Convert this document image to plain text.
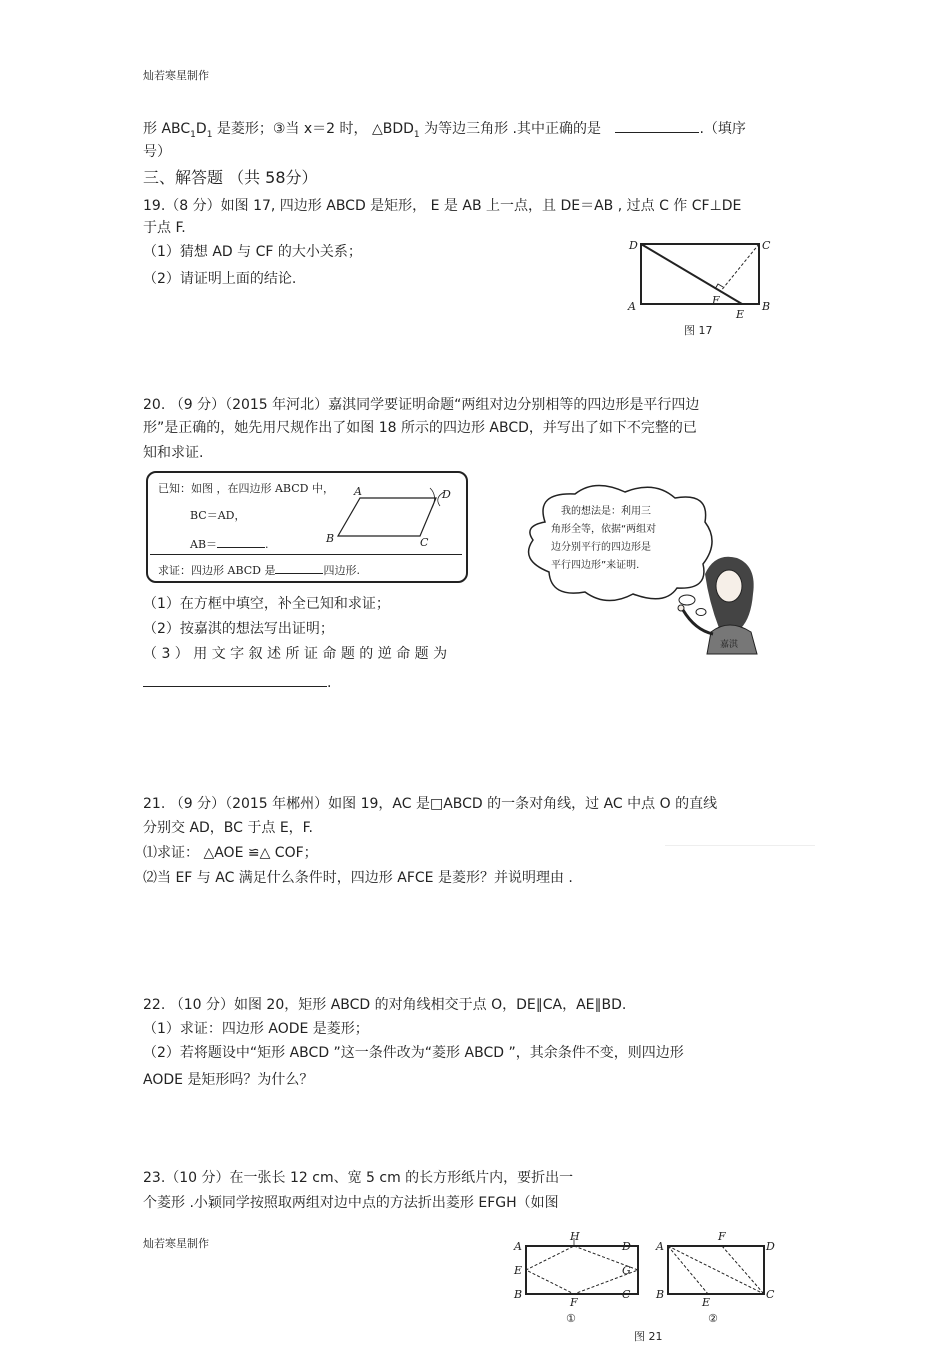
灿若寒星制作
形 $ABC_1D_1$ 是菱形；③当 x＝2 时， $\triangle BDD_1$ 为等边三角形 .其中正确的是	.（填序
号）
三、解答题 （共 58分）
19.（8 分）如图 17, 四边形 ABCD 是矩形， E 是 AB 上一点，且 DE＝AB , 过点 C 作 CF⊥DE
于点 F.
（1）猜想 AD 与 CF 的大小关系；
（2）请证明上面的结论.
D	C
A	B
F
E
图 17
20. （9 分）（2015 年河北）嘉淇同学要证明命题“两组对边分别相等的四边形是平行四边
形”是正确的，她先用尺规作出了如图 18 所示的四边形 ABCD，并写出了如下不完整的已
知和求证.
已知：如图 ，在四边形 ABCD 中，
BC＝AD，
AB＝	.
求证：四边形 ABCD 是	四边形.
A	D
B	C
我的想法是：利用三
角形全等，依据“两组对
边分别平行的四边形是
平行四边形”来证明.
嘉淇
（1）在方框中填空，补全已知和求证；
（2）按嘉淇的想法写出证明；
（ 3 ） 用 文 字 叙 述 所 证 命 题 的 逆 命 题 为
.
21. （9 分）（2015 年郴州）如图 19，AC 是□ABCD 的一条对角线，过 AC 中点 O 的直线
分别交 AD，BC 于点 E，F.
⑴求证： △AOE ≌△ COF；
⑵当 EF 与 AC 满足什么条件时，四边形 AFCE 是菱形？并说明理由 .
22. （10 分）如图 20，矩形 ABCD 的对角线相交于点 O，DE∥CA，AE∥BD.
（1）求证：四边形 AODE 是菱形；
（2）若将题设中“矩形 ABCD ”这一条件改为“菱形 ABCD ”，其余条件不变，则四边形
AODE 是矩形吗？为什么？
23.（10 分）在一张长 12 cm、宽 5 cm 的长方形纸片内，要折出一
个菱形 .小颖同学按照取两组对边中点的方法折出菱形 EFGH（如图
灿若寒星制作	A
H
D
E	G
B
F
C
①
A
F
D
B
E
C
②
图 21
